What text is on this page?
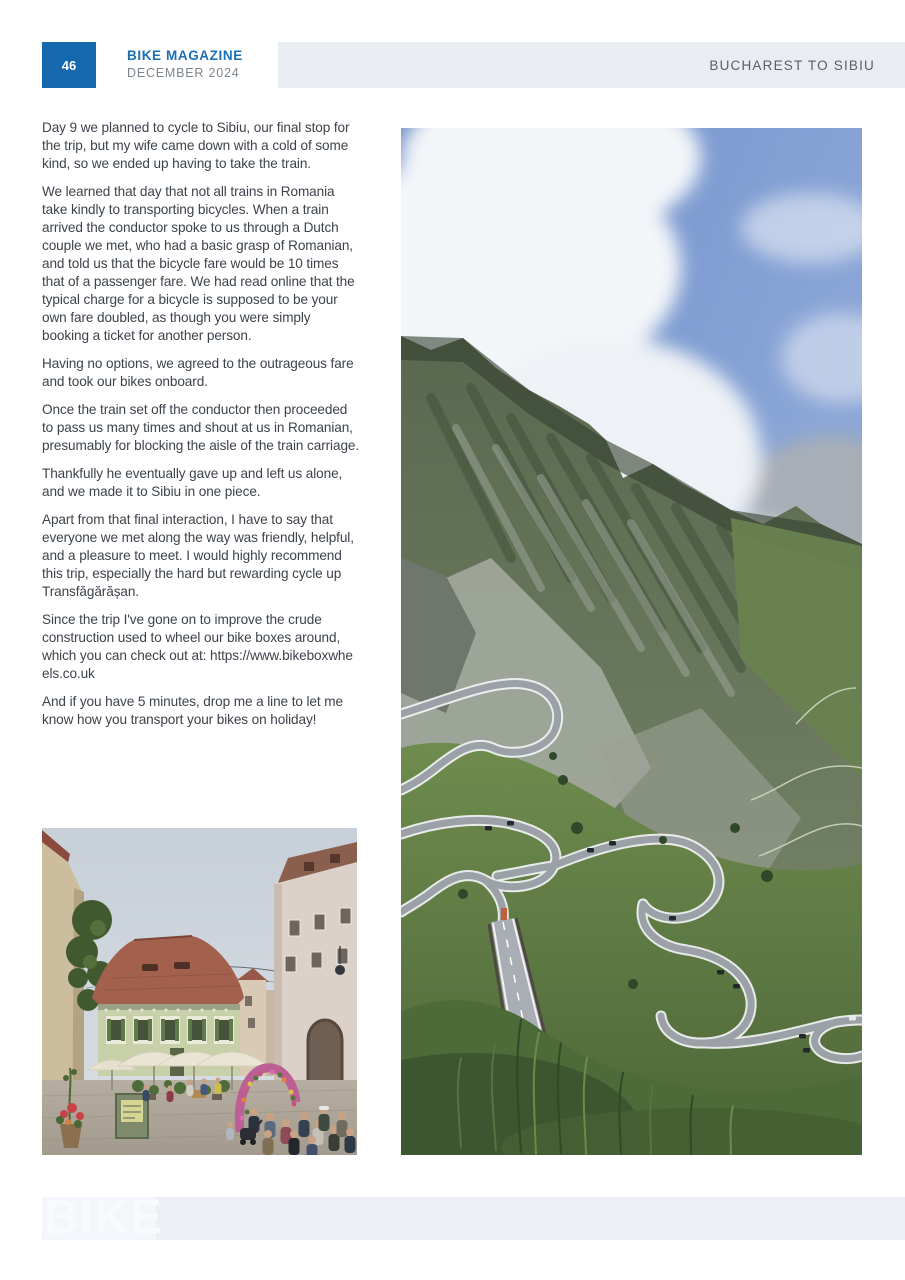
46
BIKE MAGAZINE
DECEMBER 2024
BUCHAREST TO SIBIU

Day 9 we planned to cycle to Sibiu, our final stop for the trip, but my wife came down with a cold of some kind, so we ended up having to take the train.

We learned that day that not all trains in Romania take kindly to transporting bicycles. When a train arrived the conductor spoke to us through a Dutch couple we met, who had a basic grasp of Romanian, and told us that the bicycle fare would be 10 times that of a passenger fare. We had read online that the typical charge for a bicycle is supposed to be your own fare doubled, as though you were simply booking a ticket for another person.

Having no options, we agreed to the outrageous fare and took our bikes onboard.

Once the train set off the conductor then proceeded to pass us many times and shout at us in Romanian, presumably for blocking the aisle of the train carriage.

Thankfully he eventually gave up and left us alone, and we made it to Sibiu in one piece.

Apart from that final interaction, I have to say that everyone we met along the way was friendly, helpful, and a pleasure to meet. I would highly recommend this trip, especially the hard but rewarding cycle up Transfăgărășan.

Since the trip I've gone on to improve the crude construction used to wheel our bike boxes around, which you can check out at: https://www.bikeboxwheels.co.uk

And if you have 5 minutes, drop me a line to let me know how you transport your bikes on holiday!

BIKE
